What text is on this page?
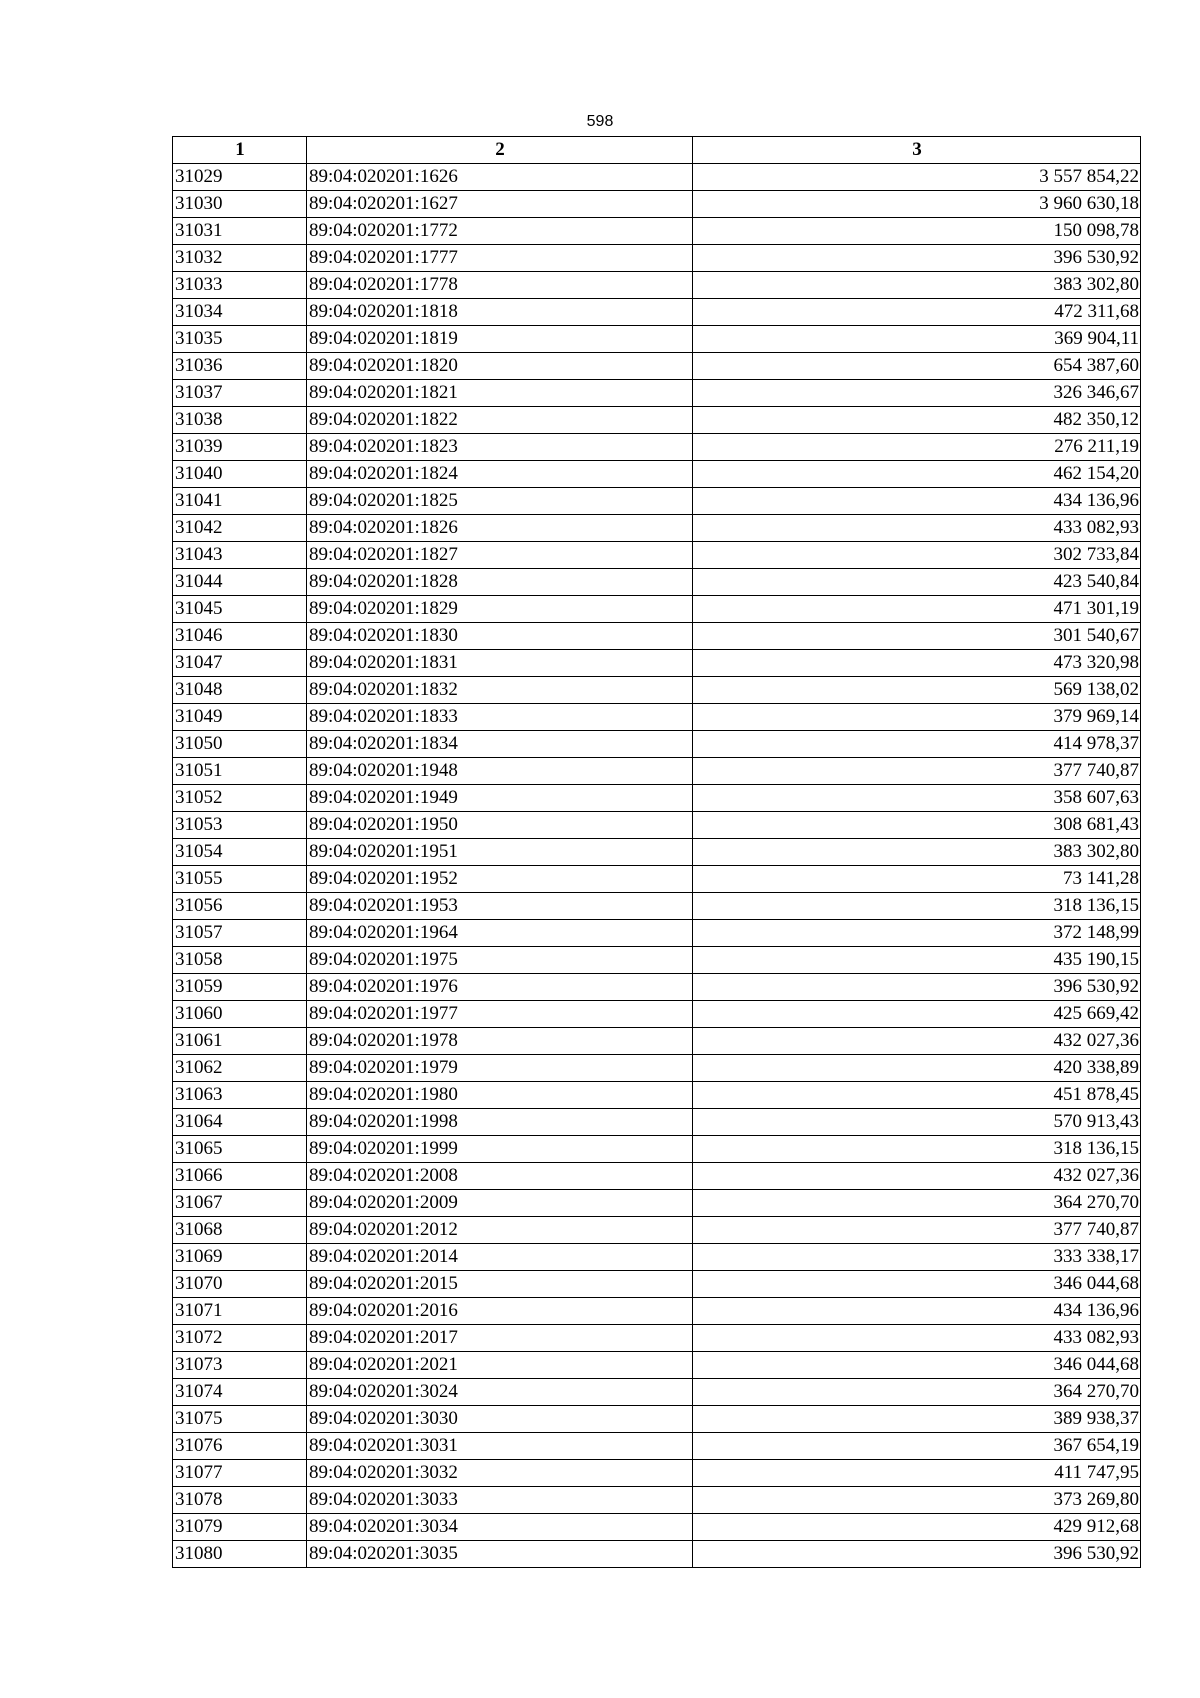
598
1	2	3
31029	89:04:020201:1626	3 557 854,22
31030	89:04:020201:1627	3 960 630,18
31031	89:04:020201:1772	150 098,78
31032	89:04:020201:1777	396 530,92
31033	89:04:020201:1778	383 302,80
31034	89:04:020201:1818	472 311,68
31035	89:04:020201:1819	369 904,11
31036	89:04:020201:1820	654 387,60
31037	89:04:020201:1821	326 346,67
31038	89:04:020201:1822	482 350,12
31039	89:04:020201:1823	276 211,19
31040	89:04:020201:1824	462 154,20
31041	89:04:020201:1825	434 136,96
31042	89:04:020201:1826	433 082,93
31043	89:04:020201:1827	302 733,84
31044	89:04:020201:1828	423 540,84
31045	89:04:020201:1829	471 301,19
31046	89:04:020201:1830	301 540,67
31047	89:04:020201:1831	473 320,98
31048	89:04:020201:1832	569 138,02
31049	89:04:020201:1833	379 969,14
31050	89:04:020201:1834	414 978,37
31051	89:04:020201:1948	377 740,87
31052	89:04:020201:1949	358 607,63
31053	89:04:020201:1950	308 681,43
31054	89:04:020201:1951	383 302,80
31055	89:04:020201:1952	73 141,28
31056	89:04:020201:1953	318 136,15
31057	89:04:020201:1964	372 148,99
31058	89:04:020201:1975	435 190,15
31059	89:04:020201:1976	396 530,92
31060	89:04:020201:1977	425 669,42
31061	89:04:020201:1978	432 027,36
31062	89:04:020201:1979	420 338,89
31063	89:04:020201:1980	451 878,45
31064	89:04:020201:1998	570 913,43
31065	89:04:020201:1999	318 136,15
31066	89:04:020201:2008	432 027,36
31067	89:04:020201:2009	364 270,70
31068	89:04:020201:2012	377 740,87
31069	89:04:020201:2014	333 338,17
31070	89:04:020201:2015	346 044,68
31071	89:04:020201:2016	434 136,96
31072	89:04:020201:2017	433 082,93
31073	89:04:020201:2021	346 044,68
31074	89:04:020201:3024	364 270,70
31075	89:04:020201:3030	389 938,37
31076	89:04:020201:3031	367 654,19
31077	89:04:020201:3032	411 747,95
31078	89:04:020201:3033	373 269,80
31079	89:04:020201:3034	429 912,68
31080	89:04:020201:3035	396 530,92
